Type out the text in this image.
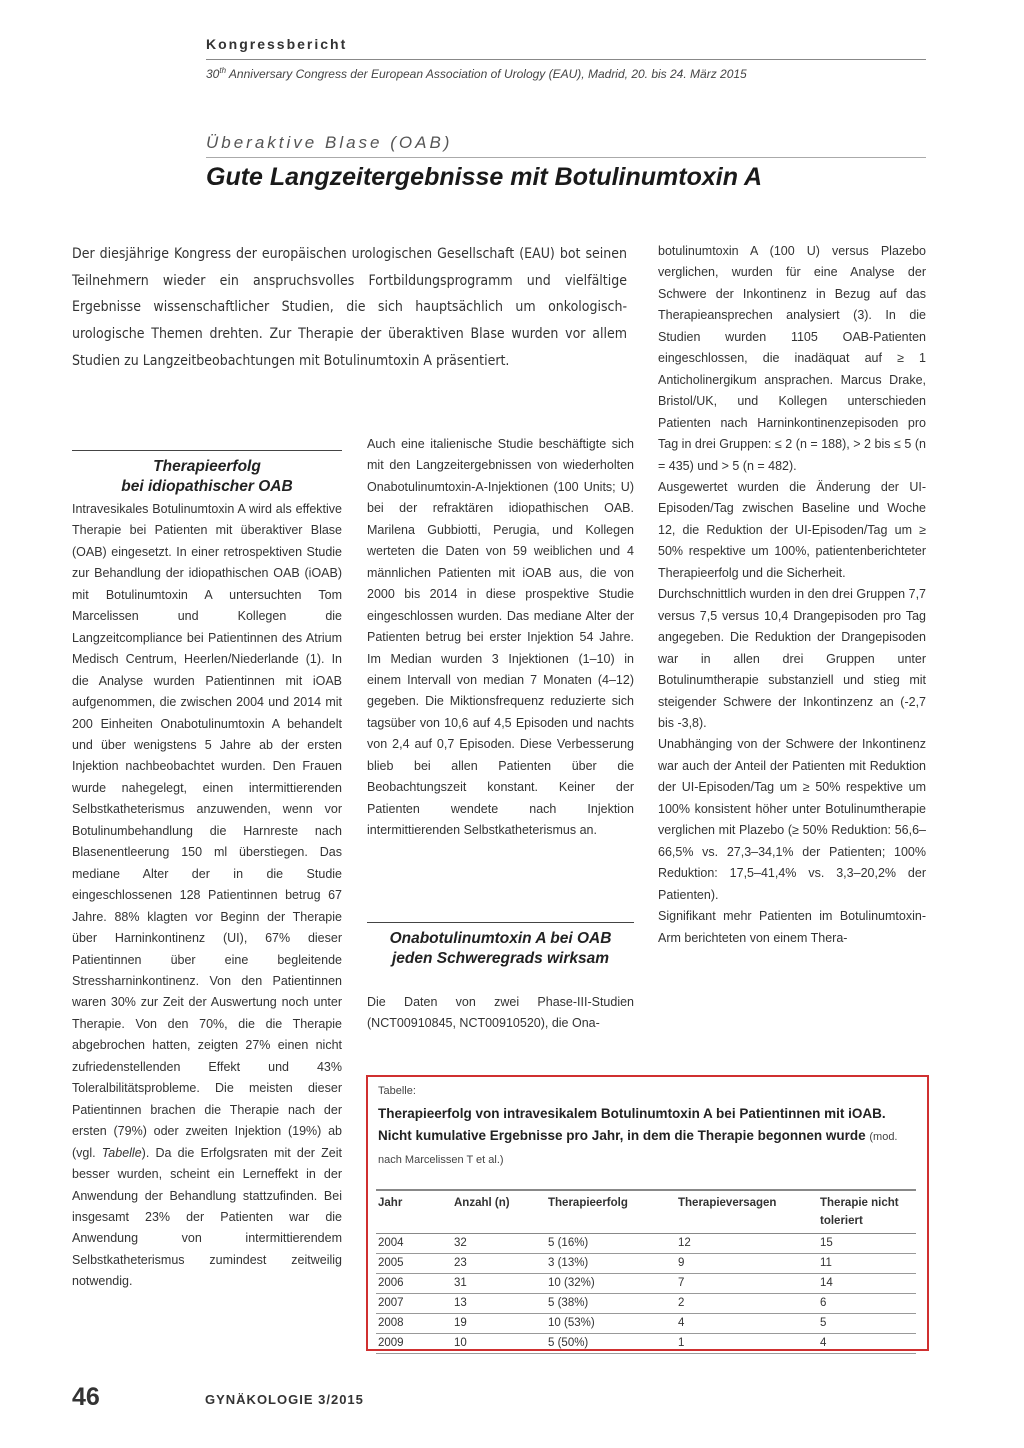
Kongressbericht
30th Anniversary Congress der European Association of Urology (EAU), Madrid, 20. bis 24. März 2015
Überaktive Blase (OAB)
Gute Langzeitergebnisse mit Botulinumtoxin A
Der diesjährige Kongress der europäischen urologischen Gesellschaft (EAU) bot seinen Teilnehmern wieder ein anspruchsvolles Fortbildungsprogramm und vielfältige Ergebnisse wissenschaftlicher Studien, die sich hauptsächlich um onkologisch-urologische Themen drehten. Zur Therapie der überaktiven Blase wurden vor allem Studien zu Langzeitbeobachtungen mit Botulinumtoxin A präsentiert.
Therapieerfolg
bei idiopathischer OAB

Intravesikales Botulinumtoxin A wird als effektive Therapie bei Patienten mit überaktiver Blase (OAB) eingesetzt. In einer retrospektiven Studie zur Behandlung der idiopathischen OAB (iOAB) mit Botulinumtoxin A untersuchten Tom Marcelissen und Kollegen die Langzeitcompliance bei Patientinnen des Atrium Medisch Centrum, Heerlen/Niederlande (1). In die Analyse wurden Patientinnen mit iOAB aufgenommen, die zwischen 2004 und 2014 mit 200 Einheiten Onabotulinumtoxin A behandelt und über wenigstens 5 Jahre ab der ersten Injektion nachbeobachtet wurden. Den Frauen wurde nahegelegt, einen intermittierenden Selbstkatheterismus anzuwenden, wenn vor Botulinumbehandlung die Harnreste nach Blasenentleerung 150 ml überstiegen. Das mediane Alter der in die Studie eingeschlossenen 128 Patientinnen betrug 67 Jahre. 88% klagten vor Beginn der Therapie über Harninkontinenz (UI), 67% dieser Patientinnen über eine begleitende Stressharninkontinenz. Von den Patientinnen waren 30% zur Zeit der Auswertung noch unter Therapie. Von den 70%, die die Therapie abgebrochen hatten, zeigten 27% einen nicht zufriedenstellenden Effekt und 43% Toleralbilitätsprobleme. Die meisten dieser Patientinnen brachen die Therapie nach der ersten (79%) oder zweiten Injektion (19%) ab (vgl. Tabelle). Da die Erfolgsraten mit der Zeit besser wurden, scheint ein Lerneffekt in der Anwendung der Behandlung stattzufinden. Bei insgesamt 23% der Patienten war die Anwendung von intermittierendem Selbstkatheterismus zumindest zeitweilig notwendig.

Auch eine italienische Studie beschäftigte sich mit den Langzeitergebnissen von wiederholten Onabotulinumtoxin-A-Injektionen (100 Units; U) bei der refraktären idiopathischen OAB. Marilena Gubbiotti, Perugia, und Kollegen werteten die Daten von 59 weiblichen und 4 männlichen Patienten mit iOAB aus, die von 2000 bis 2014 in diese prospektive Studie eingeschlossen wurden. Das mediane Alter der Patienten betrug bei erster Injektion 54 Jahre. Im Median wurden 3 Injektionen (1–10) in einem Intervall von median 7 Monaten (4–12) gegeben. Die Miktionsfrequenz reduzierte sich tagsüber von 10,6 auf 4,5 Episoden und nachts von 2,4 auf 0,7 Episoden. Diese Verbesserung blieb bei allen Patienten über die Beobachtungszeit konstant. Keiner der Patienten wendete nach Injektion intermittierenden Selbstkatheterismus an.

Onabotulinumtoxin A bei OAB jeden Schweregrads wirksam

Die Daten von zwei Phase-III-Studien (NCT00910845, NCT00910520), die Ona-

botulinumtoxin A (100 U) versus Plazebo verglichen, wurden für eine Analyse der Schwere der Inkontinenz in Bezug auf das Therapieansprechen analysiert (3). In die Studien wurden 1105 OAB-Patienten eingeschlossen, die inadäquat auf ≥ 1 Anticholinergikum ansprachen. Marcus Drake, Bristol/UK, und Kollegen unterschieden Patienten nach Harninkontinenzepisoden pro Tag in drei Gruppen: ≤ 2 (n = 188), > 2 bis ≤ 5 (n = 435) und > 5 (n = 482).

Ausgewertet wurden die Änderung der UI-Episoden/Tag zwischen Baseline und Woche 12, die Reduktion der UI-Episoden/Tag um ≥ 50% respektive um 100%, patientenberichteter Therapieerfolg und die Sicherheit.

Durchschnittlich wurden in den drei Gruppen 7,7 versus 7,5 versus 10,4 Drangepisoden pro Tag angegeben. Die Reduktion der Drangepisoden war in allen drei Gruppen unter Botulinumtherapie substanziell und stieg mit steigender Schwere der Inkontinzenz an (-2,7 bis -3,8).

Unabhänging von der Schwere der Inkontinenz war auch der Anteil der Patienten mit Reduktion der UI-Episoden/Tag um ≥ 50% respektive um 100% konsistent höher unter Botulinumtherapie verglichen mit Plazebo (≥ 50% Reduktion: 56,6–66,5% vs. 27,3–34,1% der Patienten; 100% Reduktion: 17,5–41,4% vs. 3,3–20,2% der Patienten).

Signifikant mehr Patienten im Botulinumtoxin-Arm berichteten von einem Thera-

Tabelle:
Therapieerfolg von intravesikalem Botulinumtoxin A bei Patientinnen mit iOAB. Nicht kumulative Ergebnisse pro Jahr, in dem die Therapie begonnen wurde (mod. nach Marcelissen T et al.)
Jahr	Anzahl (n)	Therapieerfolg	Therapieversagen	Therapie nicht toleriert
2004	32	5 (16%)	12	15
2005	23	3 (13%)	9	11
2006	31	10 (32%)	7	14
2007	13	5 (38%)	2	6
2008	19	10 (53%)	4	5
2009	10	5 (50%)	1	4
46	GYNÄKOLOGIE 3/2015
